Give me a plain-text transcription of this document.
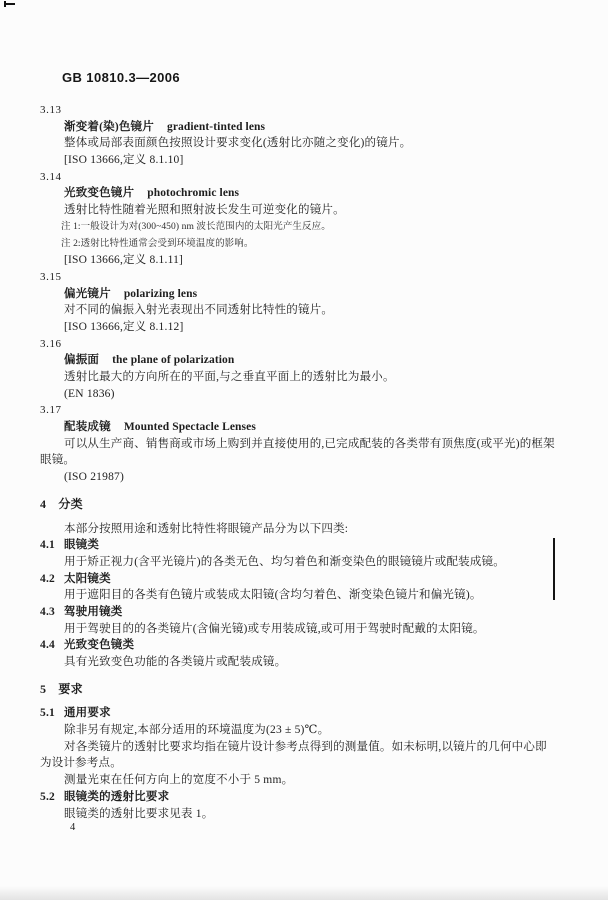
GB 10810.3—2006

3.13

渐变着(染)色镜片 gradient-tinted lens

整体或局部表面颜色按照设计要求变化(透射比亦随之变化)的镜片。

[ISO 13666,定义 8.1.10]

3.14

光致变色镜片 photochromic lens

透射比特性随着光照和照射波长发生可逆变化的镜片。

注 1:一般设计为对(300~450) nm 波长范围内的太阳光产生反应。

注 2:透射比特性通常会受到环境温度的影响。

[ISO 13666,定义 8.1.11]

3.15

偏光镜片 polarizing lens

对不同的偏振入射光表现出不同透射比特性的镜片。

[ISO 13666,定义 8.1.12]

3.16

偏振面 the plane of polarization

透射比最大的方向所在的平面,与之垂直平面上的透射比为最小。

(EN 1836)

3.17

配装成镜 Mounted Spectacle Lenses

可以从生产商、销售商或市场上购到并直接使用的,已完成配装的各类带有顶焦度(或平光)的框架

眼镜。

(ISO 21987)

4 分类

本部分按照用途和透射比特性将眼镜产品分为以下四类:

4.1 眼镜类

用于矫正视力(含平光镜片)的各类无色、均匀着色和渐变染色的眼镜镜片或配装成镜。

4.2 太阳镜类

用于遮阳目的各类有色镜片或装成太阳镜(含均匀着色、渐变染色镜片和偏光镜)。

4.3 驾驶用镜类

用于驾驶目的的各类镜片(含偏光镜)或专用装成镜,或可用于驾驶时配戴的太阳镜。

4.4 光致变色镜类

具有光致变色功能的各类镜片或配装成镜。

5 要求

5.1 通用要求

除非另有规定,本部分适用的环境温度为(23 ± 5)℃。

对各类镜片的透射比要求均指在镜片设计参考点得到的测量值。如未标明,以镜片的几何中心即

为设计参考点。

测量光束在任何方向上的宽度不小于 5 mm。

5.2 眼镜类的透射比要求

眼镜类的透射比要求见表 1。

4
